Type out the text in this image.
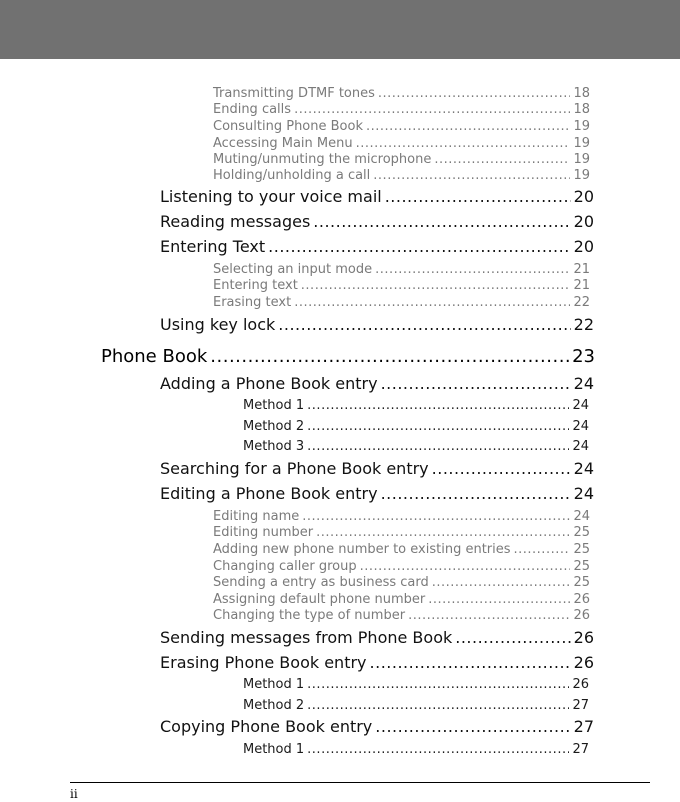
Transmitting DTMF tones .....	18
Ending calls .....	18
Consulting Phone Book .....	19
Accessing Main Menu .....	19
Muting/unmuting the microphone .....	19
Holding/unholding a call .....	19
Listening to your voice mail .....	20
Reading messages .....	20
Entering Text .....	20
Selecting an input mode .....	21
Entering text .....	21
Erasing text .....	22
Using key lock .....	22
Phone Book .....	23
Adding a Phone Book entry .....	24
Method 1 .....	24
Method 2 .....	24
Method 3 .....	24
Searching for a Phone Book entry .....	24
Editing a Phone Book entry .....	24
Editing name .....	24
Editing number .....	25
Adding new phone number to existing entries .....	25
Changing caller group .....	25
Sending a entry as business card .....	25
Assigning default phone number .....	26
Changing the type of number .....	26
Sending messages from Phone Book .....	26
Erasing Phone Book entry .....	26
Method 1 .....	26
Method 2 .....	27
Copying Phone Book entry .....	27
Method 1 .....	27
ii
